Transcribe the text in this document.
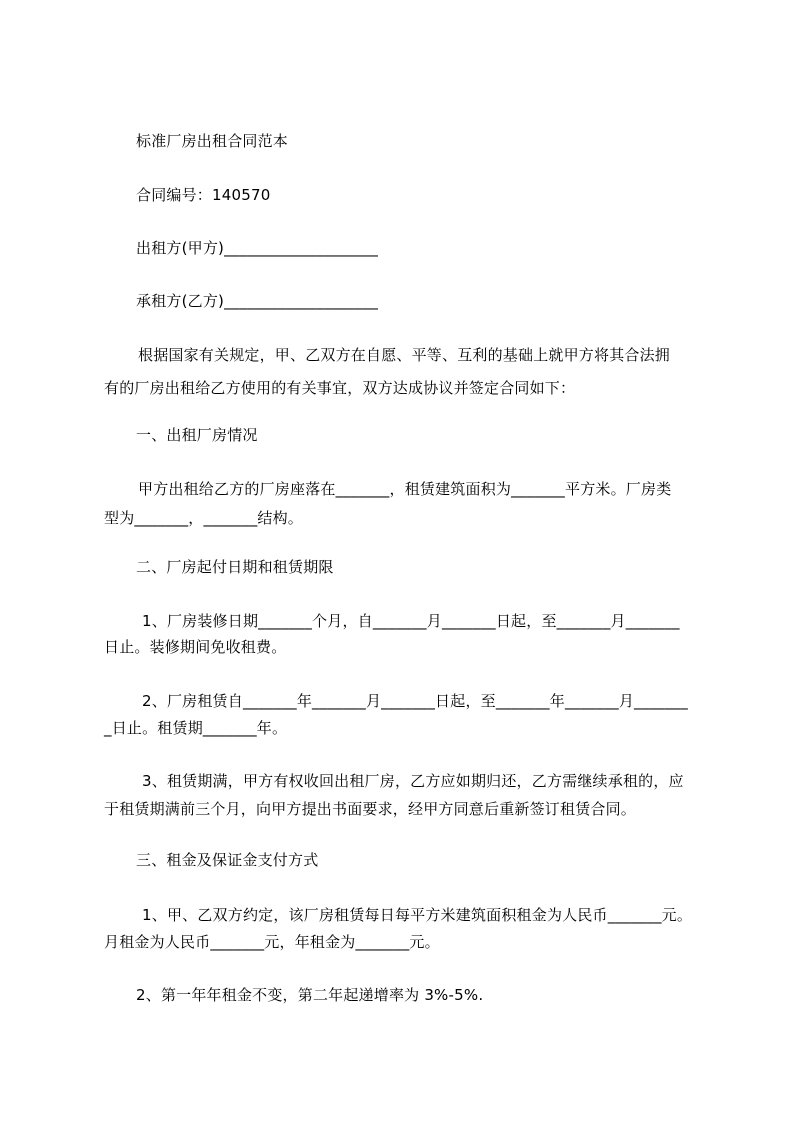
标准厂房出租合同范本
合同编号：140570
出租方(甲方)____________________
承租方(乙方)____________________
根据国家有关规定，甲、乙双方在自愿、平等、互利的基础上就甲方将其合法拥
有的厂房出租给乙方使用的有关事宜，双方达成协议并签定合同如下：
一、出租厂房情况
甲方出租给乙方的厂房座落在_______，租赁建筑面积为_______平方米。厂房类
型为_______，_______结构。
二、厂房起付日期和租赁期限
1、厂房装修日期_______个月，自_______月_______日起，至_______月_______
日止。装修期间免收租费。
2、厂房租赁自_______年_______月_______日起，至_______年_______月_______
_日止。租赁期_______年。
3、租赁期满，甲方有权收回出租厂房，乙方应如期归还，乙方需继续承租的，应
于租赁期满前三个月，向甲方提出书面要求，经甲方同意后重新签订租赁合同。
三、租金及保证金支付方式
1、甲、乙双方约定，该厂房租赁每日每平方米建筑面积租金为人民币_______元。
月租金为人民币_______元，年租金为_______元。
2、第一年年租金不变，第二年起递增率为 3%-5%.
